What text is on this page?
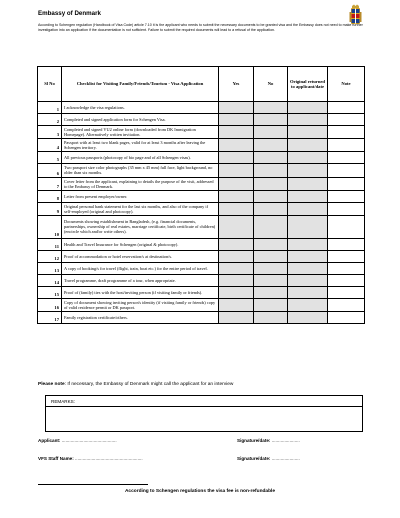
Embassy of Denmark
According to Schengen regulation (Handbook of Visa Code) article 7.10 it is the applicant who needs to submit the necessary documents to be granted visa and the Embassy does not need to make further investigation into an application if the documentation is not sufficient. Failure to submit the required documents will lead to a refusal of the application.
Sl No	Checklist for Visiting Family/Friends/Tourism - Visa Application	Yes	No	Original returned to applicant/date	Note
1	I acknowledge the visa regulations.				
2	Completed and signed application form for Schengen Visa.				
3	Completed and signed VU2 online form (downloaded from DK Immigration Homepage). Alternatively written invitation.				
4	Passport with at least two blank pages, valid for at least 3 months after leaving the Schengen territory.				
5	All previous passports (photocopy of bio page and of all Schengen visas).				
6	Two passport size color photographs (35 mm x 45 mm) full face, light background, no older than six months.				
7	Cover letter from the applicant, explaining to details the purpose of the visit, addressed to the Embassy of Denmark.				
8	Letter from present employer/owner.				
9	Original personal bank statement for the last six months, and also of the company if self-employed (original and photocopy).				
10	Documents showing establishment in Bangladesh, (e.g. financial documents, partnerships, ownership of real estates, marriage certificate, birth certificate of children) (encircle which and/or write others).				
11	Health and Travel Insurance for Schengen (original & photocopy).				
12	Proof of accommodation or hotel reservation/s at destination/s.				
13	A copy of booking/s for travel (flight, train, boat etc.) for the entire period of travel.				
14	Travel programme, draft programme of a tour, when appropriate.				
15	Proof of (family) ties with the host/inviting person (if visiting family or friends).				
16	Copy of document showing inviting person's identity (if visiting family or friends) copy of valid residence permit or DK passport.				
17	Family registration certificate/others.				
Please note: If necessary, the Embassy of Denmark might call the applicant for an interview
REMARKS:
Applicant: ...........................................	Signature/date: ......................
VFS Staff Name: .....................................................	Signature/date: ......................
According to Schengen regulations the visa fee is non-refundable
